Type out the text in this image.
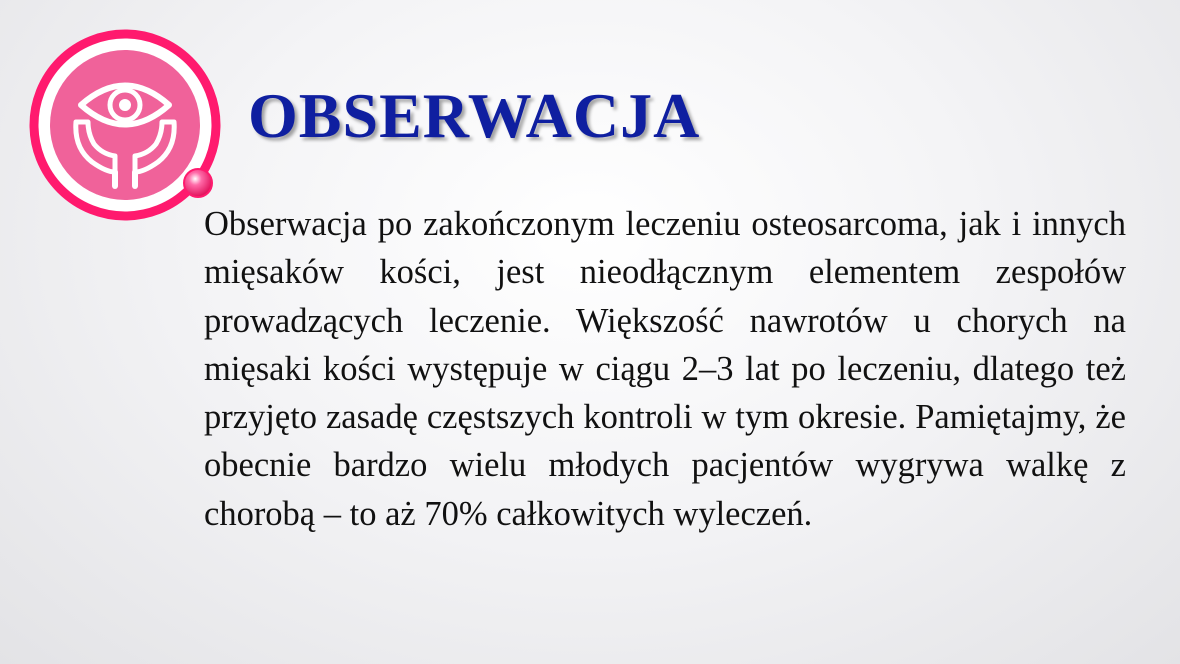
OBSERWACJA

Obserwacja po zakończonym leczeniu osteosarcoma, jak i innych mięsaków kości, jest nieodłącznym elementem zespołów prowadzących leczenie. Większość nawrotów u chorych na mięsaki kości występuje w ciągu 2–3 lat po leczeniu, dlatego też przyjęto zasadę częstszych kontroli w tym okresie. Pamiętajmy, że obecnie bardzo wielu młodych pacjentów wygrywa walkę z chorobą – to aż 70% całkowitych wyleczeń.
